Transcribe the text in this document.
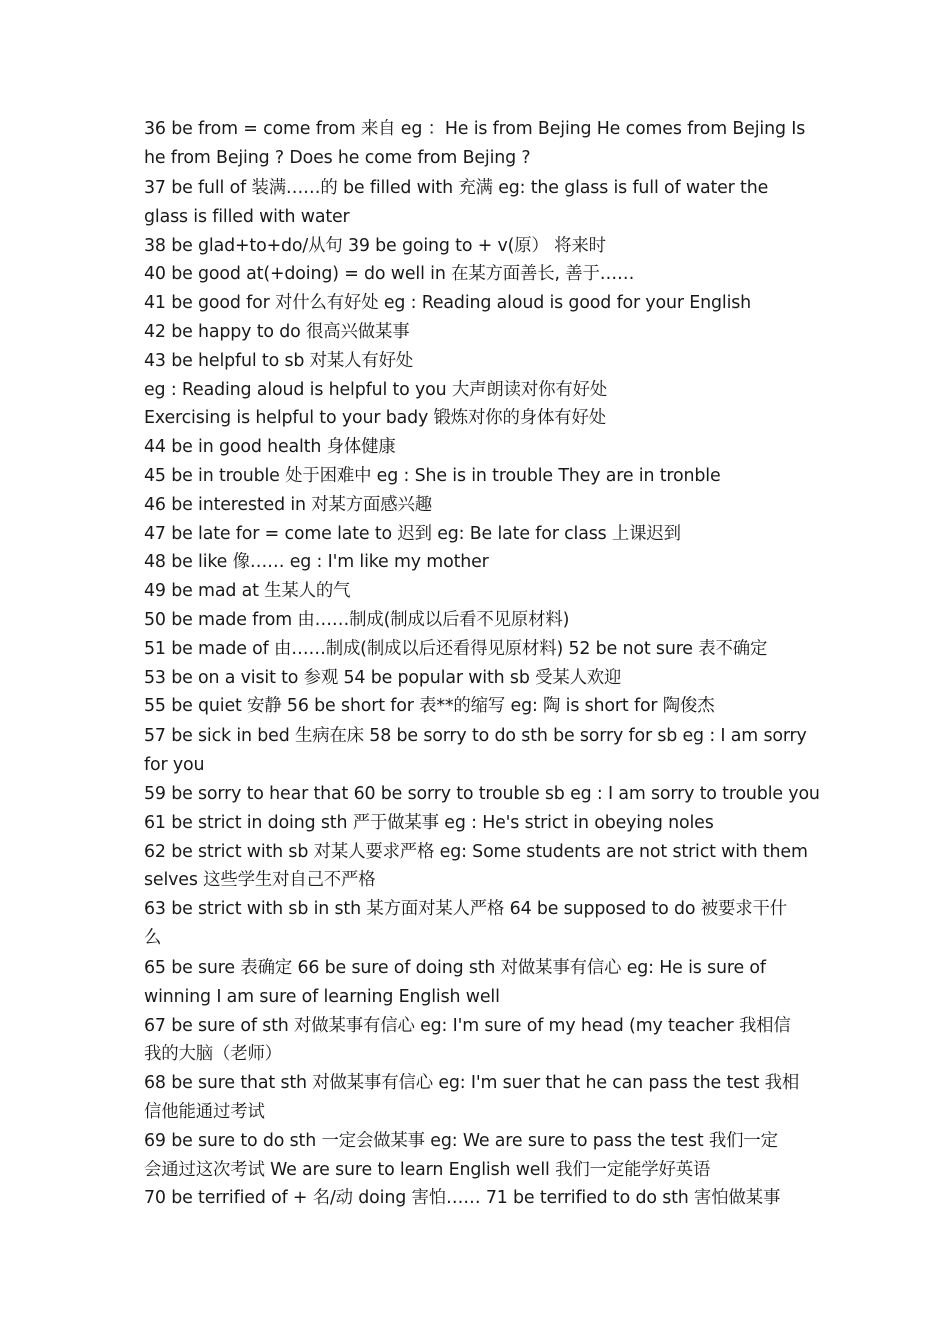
36 be from = come from 来自 eg ：He is from Bejing He comes from Bejing Is
he from Bejing ? Does he come from Bejing ?
37 be full of 装满……的 be filled with 充满 eg: the glass is full of water the
glass is filled with water
38 be glad+to+do/从句 39 be going to + v(原） 将来时
40 be good at(+doing) = do well in 在某方面善长, 善于……
41 be good for 对什么有好处 eg : Reading aloud is good for your English
42 be happy to do 很高兴做某事
43 be helpful to sb 对某人有好处
eg : Reading aloud is helpful to you 大声朗读对你有好处
Exercising is helpful to your bady 锻炼对你的身体有好处
44 be in good health 身体健康
45 be in trouble 处于困难中 eg : She is in trouble They are in tronble
46 be interested in 对某方面感兴趣
47 be late for = come late to 迟到 eg: Be late for class 上课迟到
48 be like 像…… eg : I'm like my mother
49 be mad at 生某人的气
50 be made from 由……制成(制成以后看不见原材料)
51 be made of 由……制成(制成以后还看得见原材料) 52 be not sure 表不确定
53 be on a visit to 参观 54 be popular with sb 受某人欢迎
55 be quiet 安静 56 be short for 表**的缩写 eg: 陶 is short for 陶俊杰
57 be sick in bed 生病在床 58 be sorry to do sth be sorry for sb eg : I am sorry
for you
59 be sorry to hear that 60 be sorry to trouble sb eg : I am sorry to trouble you
61 be strict in doing sth 严于做某事 eg : He's strict in obeying noles
62 be strict with sb 对某人要求严格 eg: Some students are not strict with them
selves 这些学生对自己不严格
63 be strict with sb in sth 某方面对某人严格 64 be supposed to do 被要求干什
么
65 be sure 表确定 66 be sure of doing sth 对做某事有信心 eg: He is sure of
winning I am sure of learning English well
67 be sure of sth 对做某事有信心 eg: I'm sure of my head (my teacher 我相信
我的大脑（老师）
68 be sure that sth 对做某事有信心 eg: I'm suer that he can pass the test 我相
信他能通过考试
69 be sure to do sth 一定会做某事 eg: We are sure to pass the test 我们一定
会通过这次考试 We are sure to learn English well 我们一定能学好英语
70 be terrified of + 名/动 doing 害怕…… 71 be terrified to do sth 害怕做某事
